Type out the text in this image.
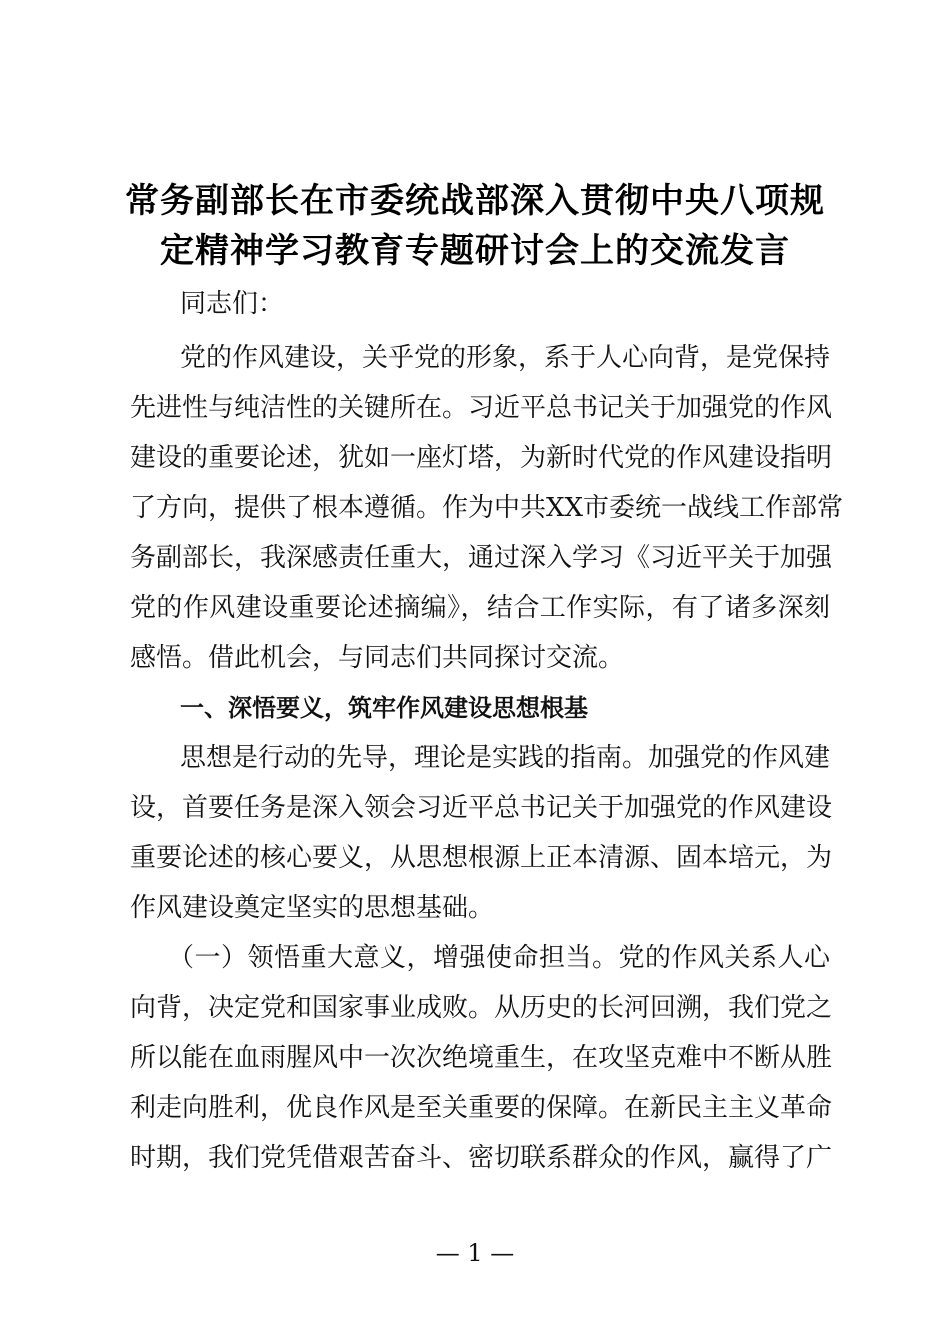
常务副部长在市委统战部深入贯彻中央八项规
定精神学习教育专题研讨会上的交流发言

同志们：

党的作风建设，关乎党的形象，系于人心向背，是党保持

先进性与纯洁性的关键所在。习近平总书记关于加强党的作风

建设的重要论述，犹如一座灯塔，为新时代党的作风建设指明

了方向，提供了根本遵循。作为中共XX市委统一战线工作部常

务副部长，我深感责任重大，通过深入学习《习近平关于加强

党的作风建设重要论述摘编》，结合工作实际，有了诸多深刻

感悟。借此机会，与同志们共同探讨交流。

一、深悟要义，筑牢作风建设思想根基

思想是行动的先导，理论是实践的指南。加强党的作风建

设，首要任务是深入领会习近平总书记关于加强党的作风建设

重要论述的核心要义，从思想根源上正本清源、固本培元，为

作风建设奠定坚实的思想基础。

（一）领悟重大意义，增强使命担当。党的作风关系人心

向背，决定党和国家事业成败。从历史的长河回溯，我们党之

所以能在血雨腥风中一次次绝境重生，在攻坚克难中不断从胜

利走向胜利，优良作风是至关重要的保障。在新民主主义革命

时期，我们党凭借艰苦奋斗、密切联系群众的作风，赢得了广

— 1 —
